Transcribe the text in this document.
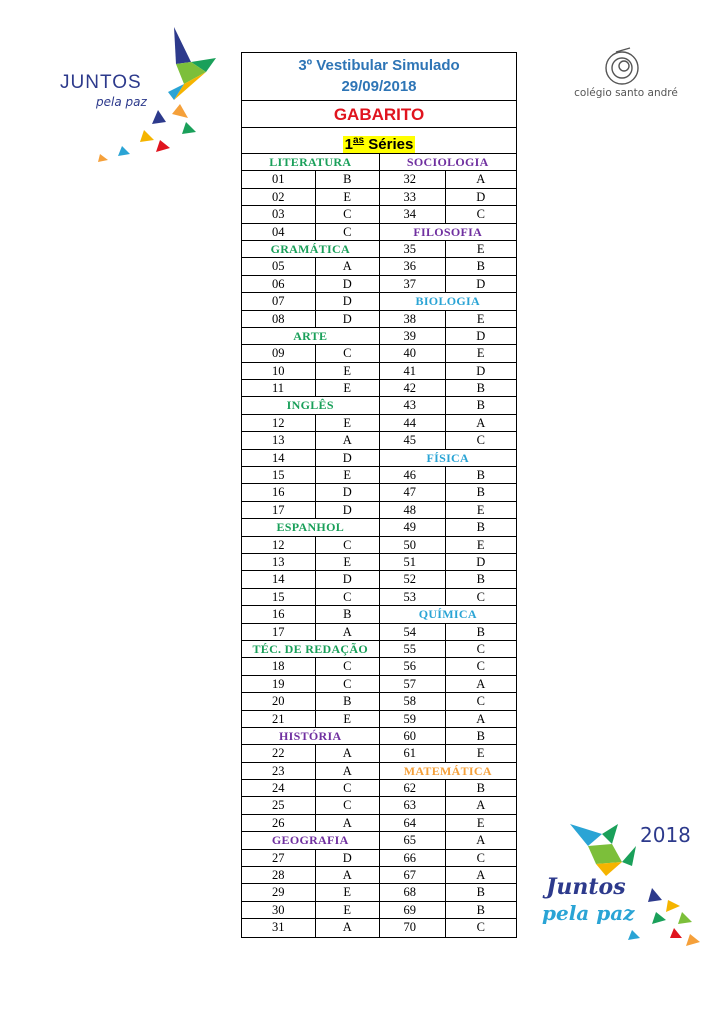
JUNTOS
pela paz
colégio santo andré
2018
Juntos
pela paz
3º Vestibular Simulado
29/09/2018
GABARITO
$1^{as}$ Séries
LITERATURA
01	B
02	E
03	C
04	C
GRAMÁTICA
05	A
06	D
07	D
08	D
ARTE
09	C
10	E
11	E
INGLÊS
12	E
13	A
14	D
15	E
16	D
17	D
ESPANHOL
12	C
13	E
14	D
15	C
16	B
17	A
TÉC. DE REDAÇÃO
18	C
19	C
20	B
21	E
HISTÓRIA
22	A
23	A
24	C
25	C
26	A
GEOGRAFIA
27	D
28	A
29	E
30	E
31	A
SOCIOLOGIA
32	A
33	D
34	C
FILOSOFIA
35	E
36	B
37	D
BIOLOGIA
38	E
39	D
40	E
41	D
42	B
43	B
44	A
45	C
FÍSICA
46	B
47	B
48	E
49	B
50	E
51	D
52	B
53	C
QUÍMICA
54	B
55	C
56	C
57	A
58	C
59	A
60	B
61	E
MATEMÁTICA
62	B
63	A
64	E
65	A
66	C
67	A
68	B
69	B
70	C
